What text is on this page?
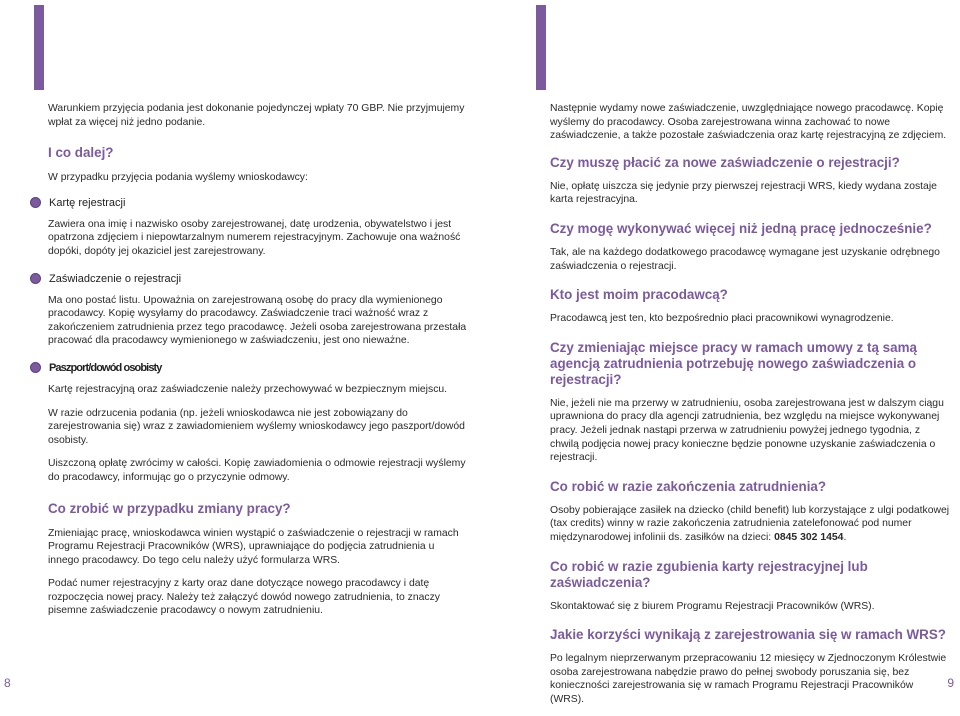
Warunkiem przyjęcia podania jest dokonanie pojedynczej wpłaty 70 GBP. Nie przyjmujemy wpłat za więcej niż jedno podanie.

I co dalej?

W przypadku przyjęcia podania wyślemy wnioskodawcy:

Kartę rejestracji

Zawiera ona imię i nazwisko osoby zarejestrowanej, datę urodzenia, obywatelstwo i jest opatrzona zdjęciem i niepowtarzalnym numerem rejestracyjnym. Zachowuje ona ważność dopóki, dopóty jej okaziciel jest zarejestrowany.

Zaświadczenie o rejestracji

Ma ono postać listu. Upoważnia on zarejestrowaną osobę do pracy dla wymienionego pracodawcy. Kopię wysyłamy do pracodawcy. Zaświadczenie traci ważność wraz z zakończeniem zatrudnienia przez tego pracodawcę. Jeżeli osoba zarejestrowana przestała pracować dla pracodawcy wymienionego w zaświadczeniu, jest ono nieważne.

Paszport/dowód osobisty

Kartę rejestracyjną oraz zaświadczenie należy przechowywać w bezpiecznym miejscu.

W razie odrzucenia podania (np. jeżeli wnioskodawca nie jest zobowiązany do zarejestrowania się) wraz z zawiadomieniem wyślemy wnioskodawcy jego paszport/dowód osobisty.

Uiszczoną opłatę zwrócimy w całości. Kopię zawiadomienia o odmowie rejestracji wyślemy do pracodawcy, informując go o przyczynie odmowy.

Co zrobić w przypadku zmiany pracy?

Zmieniając pracę, wnioskodawca winien wystąpić o zaświadczenie o rejestracji w ramach Programu Rejestracji Pracowników (WRS), uprawniające do podjęcia zatrudnienia u innego pracodawcy. Do tego celu należy użyć formularza WRS.

Podać numer rejestracyjny z karty oraz dane dotyczące nowego pracodawcy i datę rozpoczęcia nowej pracy. Należy też załączyć dowód nowego zatrudnienia, to znaczy pisemne zaświadczenie pracodawcy o nowym zatrudnieniu.

Następnie wydamy nowe zaświadczenie, uwzględniające nowego pracodawcę. Kopię wyślemy do pracodawcy. Osoba zarejestrowana winna zachować to nowe zaświadczenie, a także pozostałe zaświadczenia oraz kartę rejestracyjną ze zdjęciem.

Czy muszę płacić za nowe zaświadczenie o rejestracji?

Nie, opłatę uiszcza się jedynie przy pierwszej rejestracji WRS, kiedy wydana zostaje karta rejestracyjna.

Czy mogę wykonywać więcej niż jedną pracę jednocześnie?

Tak, ale na każdego dodatkowego pracodawcę wymagane jest uzyskanie odrębnego zaświadczenia o rejestracji.

Kto jest moim pracodawcą?

Pracodawcą jest ten, kto bezpośrednio płaci pracownikowi wynagrodzenie.

Czy zmieniając miejsce pracy w ramach umowy z tą samą agencją zatrudnienia potrzebuję nowego zaświadczenia o rejestracji?

Nie, jeżeli nie ma przerwy w zatrudnieniu, osoba zarejestrowana jest w dalszym ciągu uprawniona do pracy dla agencji zatrudnienia, bez względu na miejsce wykonywanej pracy. Jeżeli jednak nastąpi przerwa w zatrudnieniu powyżej jednego tygodnia, z chwilą podjęcia nowej pracy konieczne będzie ponowne uzyskanie zaświadczenia o rejestracji.

Co robić w razie zakończenia zatrudnienia?

Osoby pobierające zasiłek na dziecko (child benefit) lub korzystające z ulgi podatkowej (tax credits) winny w razie zakończenia zatrudnienia zatelefonować pod numer międzynarodowej infolinii ds. zasiłków na dzieci: 0845 302 1454.

Co robić w razie zgubienia karty rejestracyjnej lub zaświadczenia?

Skontaktować się z biurem Programu Rejestracji Pracowników (WRS).

Jakie korzyści wynikają z zarejestrowania się w ramach WRS?

Po legalnym nieprzerwanym przepracowaniu 12 miesięcy w Zjednoczonym Królestwie osoba zarejestrowana nabędzie prawo do pełnej swobody poruszania się, bez konieczności zarejestrowania się w ramach Programu Rejestracji Pracowników (WRS).

8	9
